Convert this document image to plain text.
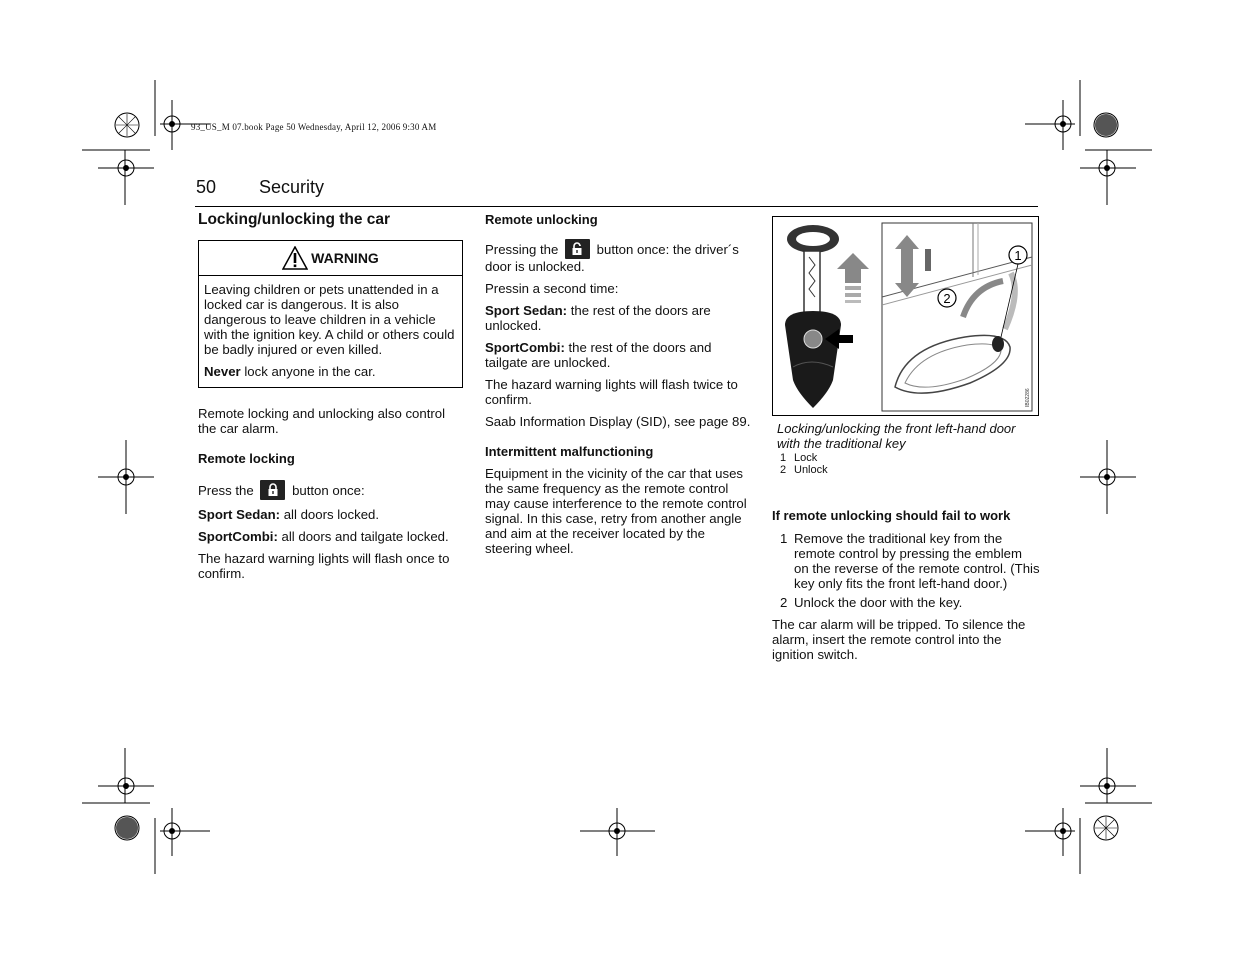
93_US_M 07.book Page 50 Wednesday, April 12, 2006 9:30 AM
50 Security
Locking/unlocking the car
WARNING

Leaving children or pets unattended in a locked car is dangerous. It is also dangerous to leave children in a vehicle with the ignition key. A child or others could be badly injured or even killed.

Never lock anyone in the car.

Remote locking and unlocking also control the car alarm.

Remote locking

Press the	button once:

Sport Sedan: all doors locked.

SportCombi: all doors and tailgate locked.

The hazard warning lights will flash once to confirm.

Remote unlocking

Pressing the	button once: the driver´s door is unlocked.

Pressin a second time:

Sport Sedan: the rest of the doors are unlocked.

SportCombi: the rest of the doors and tailgate are unlocked.

The hazard warning lights will flash twice to confirm.

Saab Information Display (SID), see page 89.

Intermittent malfunctioning

Equipment in the vicinity of the car that uses the same frequency as the remote control may cause interference to the remote control signal. In this case, retry from another angle and aim at the receiver located by the steering wheel.

1
2
IB02286
Locking/unlocking the front left-hand door with the traditional key
1 Lock
2 Unlock
If remote unlocking should fail to work
1 Remove the traditional key from the remote control by pressing the emblem on the reverse of the remote control. (This key only fits the front left-hand door.)
2 Unlock the door with the key.

The car alarm will be tripped. To silence the alarm, insert the remote control into the ignition switch.
